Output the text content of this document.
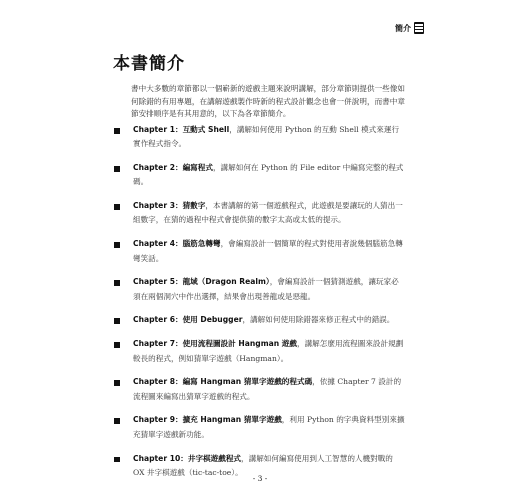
簡介
本書簡介

書中大多數的章節都以一個嶄新的遊戲主題來說明講解，部分章節則提供一些像如何除錯的有用專題，在講解遊戲製作時新的程式設計觀念也會一併說明，而書中章節安排順序是有其用意的，以下為各章節簡介。

Chapter 1：互動式 Shell，講解如何使用 Python 的互動 Shell 模式來運行實作程式指令。

Chapter 2：編寫程式，講解如何在 Python 的 File editor 中編寫完整的程式碼。

Chapter 3：猜數字，本書講解的第一個遊戲程式，此遊戲是要讓玩的人猜出一組數字，在猜的過程中程式會提供猜的數字太高或太低的提示。

Chapter 4：腦筋急轉彎，會編寫設計一個簡單的程式對使用者說幾個腦筋急轉彎笑話。

Chapter 5：龍域（Dragon Realm），會編寫設計一個猜測遊戲，讓玩家必須在兩個洞穴中作出選擇，結果會出現善龍或是惡龍。

Chapter 6：使用 Debugger，講解如何使用除錯器來修正程式中的錯誤。

Chapter 7：使用流程圖設計 Hangman 遊戲，講解怎麼用流程圖來設計規劃較長的程式，例如猜單字遊戲（Hangman）。

Chapter 8：編寫 Hangman 猜單字遊戲的程式碼，依據 Chapter 7 設計的流程圖來編寫出猜單字遊戲的程式。

Chapter 9：擴充 Hangman 猜單字遊戲，利用 Python 的字典資料型別來擴充猜單字遊戲新功能。

Chapter 10：井字棋遊戲程式，講解如何編寫使用到人工智慧的人機對戰的 OX 井字棋遊戲（tic-tac-toe）。

- 3 -
